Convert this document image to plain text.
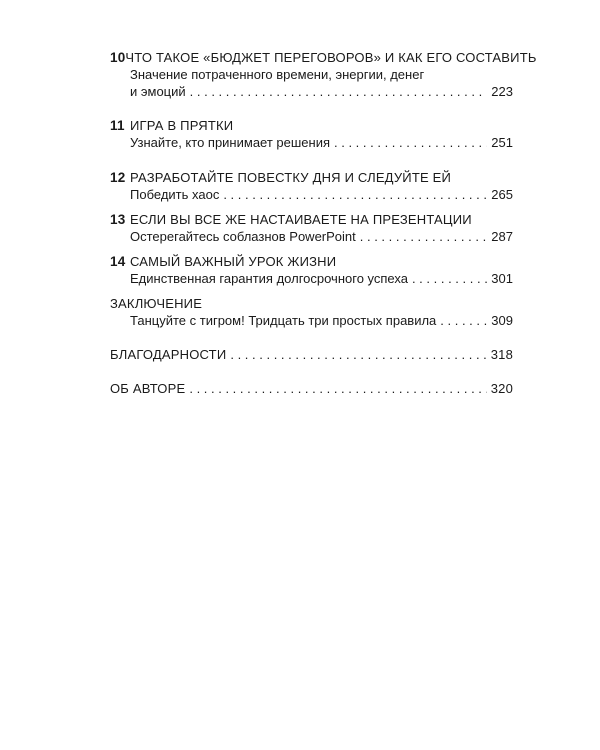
10 ЧТО ТАКОЕ «БЮДЖЕТ ПЕРЕГОВОРОВ» И КАК ЕГО СОСТАВИТЬ
Значение потраченного времени, энергии, денег
и эмоций . . .	223
11 ИГРА В ПРЯТКИ
Узнайте, кто принимает решения . . .	251
12 РАЗРАБОТАЙТЕ ПОВЕСТКУ ДНЯ И СЛЕДУЙТЕ ЕЙ
Победить хаос . . .	265
13 ЕСЛИ ВЫ ВСЕ ЖЕ НАСТАИВАЕТЕ НА ПРЕЗЕНТАЦИИ
Остерегайтесь соблазнов PowerPoint . . .	287
14 САМЫЙ ВАЖНЫЙ УРОК ЖИЗНИ
Единственная гарантия долгосрочного успеха . . .	301
ЗАКЛЮЧЕНИЕ
Танцуйте с тигром! Тридцать три простых правила . . .	309
БЛАГОДАРНОСТИ . . .	318
ОБ АВТОРЕ . . .	320
